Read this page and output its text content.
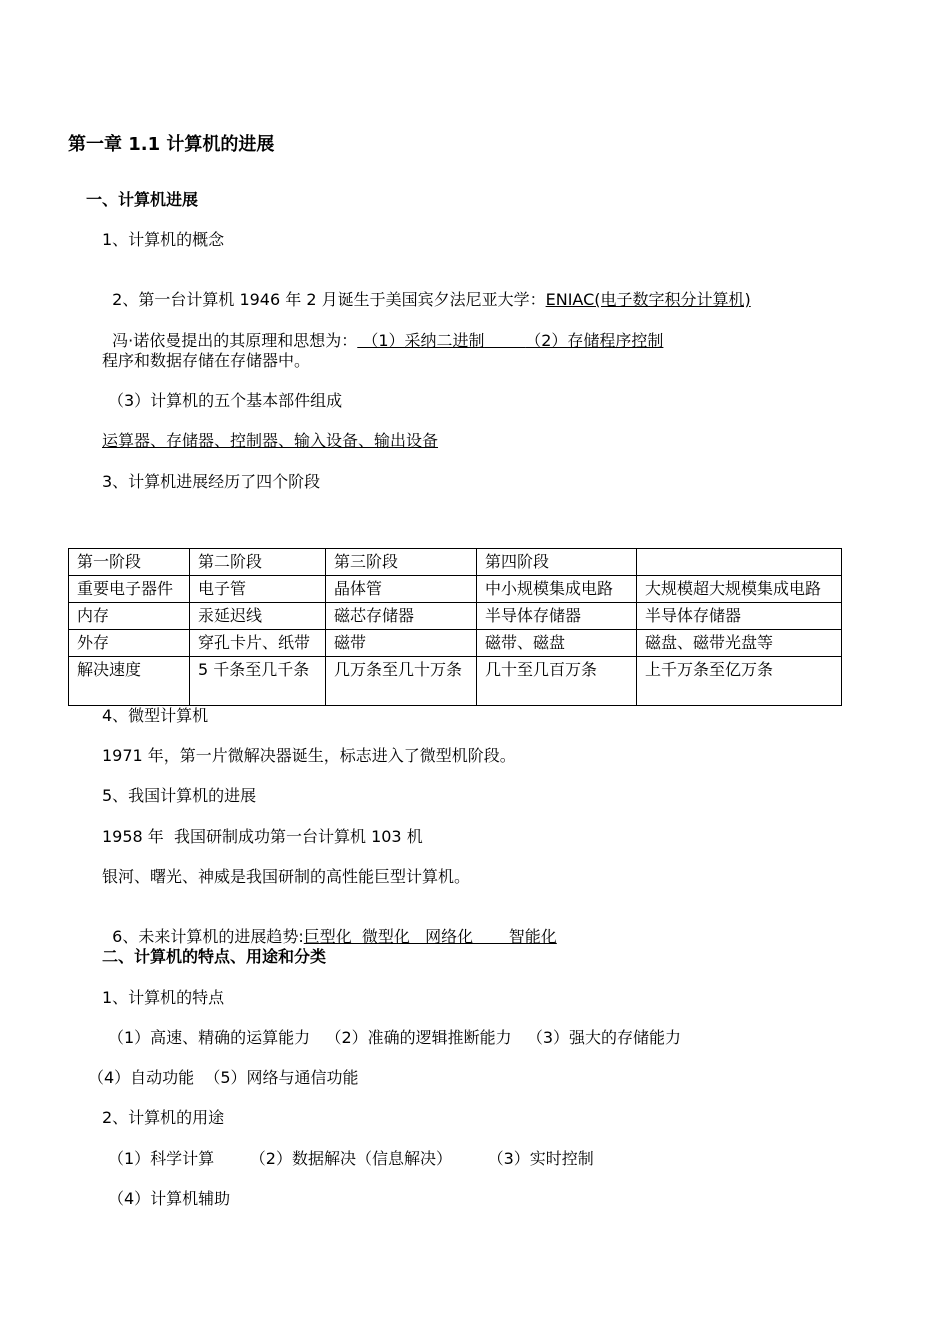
第一章 1.1 计算机的进展
一、计算机进展
1、计算机的概念

2、第一台计算机 1946 年 2 月诞生于美国宾夕法尼亚大学：ENIAC(电子数字积分计算机)

冯·诺依曼提出的其原理和思想为： （1）采纳二进制	（2）存储程序控制

程序和数据存储在存储器中。
（3）计算机的五个基本部件组成
运算器、存储器、控制器、输入设备、输出设备
3、计算机进展经历了四个阶段
第一阶段	第二阶段	第三阶段	第四阶段	
重要电子器件	电子管	晶体管	中小规模集成电路	大规模超大规模集成电路
内存	汞延迟线	磁芯存储器	半导体存储器	半导体存储器
外存	穿孔卡片、纸带	磁带	磁带、磁盘	磁盘、磁带光盘等
解决速度	5 千条至几千条	几万条至几十万条	几十至几百万条	上千万条至亿万条
4、微型计算机
1971 年，第一片微解决器诞生，标志进入了微型机阶段。
5、我国计算机的进展
1958 年  我国研制成功第一台计算机 103 机
银河、曙光、神威是我国研制的高性能巨型计算机。

6、未来计算机的进展趋势:巨型化  微型化   网络化       智能化

二、计算机的特点、用途和分类
1、计算机的特点
（1）高速、精确的运算能力   （2）准确的逻辑推断能力   （3）强大的存储能力
（4）自动功能  （5）网络与通信功能
2、计算机的用途
（1）科学计算       （2）数据解决（信息解决）       （3）实时控制
（4）计算机辅助
